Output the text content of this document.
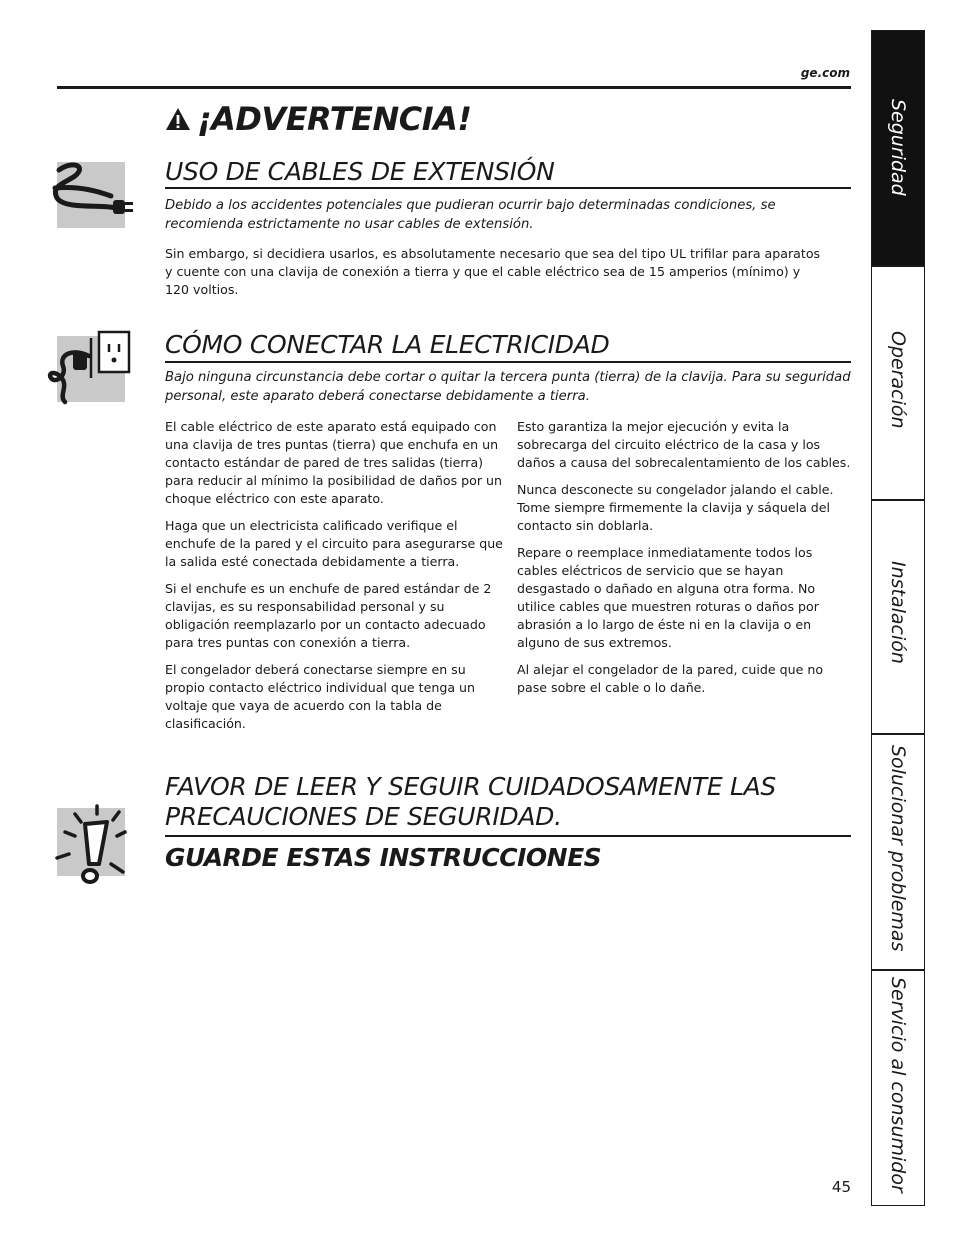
ge.com
¡ADVERTENCIA!
USO DE CABLES DE EXTENSIÓN
Debido a los accidentes potenciales que pudieran ocurrir bajo determinadas condiciones, se recomienda estrictamente no usar cables de extensión.

Sin embargo, si decidiera usarlos, es absolutamente necesario que sea del tipo UL trifilar para aparatos y cuente con una clavija de conexión a tierra y que el cable eléctrico sea de 15 amperios (mínimo) y 120 voltios.

CÓMO CONECTAR LA ELECTRICIDAD
Bajo ninguna circunstancia debe cortar o quitar la tercera punta (tierra) de la clavija. Para su seguridad personal, este aparato deberá conectarse debidamente a tierra.

El cable eléctrico de este aparato está equipado con una clavija de tres puntas (tierra) que enchufa en un contacto estándar de pared de tres salidas (tierra) para reducir al mínimo la posibilidad de daños por un choque eléctrico con este aparato.

Haga que un electricista calificado verifique el enchufe de la pared y el circuito para asegurarse que la salida esté conectada debidamente a tierra.

Si el enchufe es un enchufe de pared estándar de 2 clavijas, es su responsabilidad personal y su obligación reemplazarlo por un contacto adecuado para tres puntas con conexión a tierra.

El congelador deberá conectarse siempre en su propio contacto eléctrico individual que tenga un voltaje que vaya de acuerdo con la tabla de clasificación.

Esto garantiza la mejor ejecución y evita la sobrecarga del circuito eléctrico de la casa y los daños a causa del sobrecalentamiento de los cables.

Nunca desconecte su congelador jalando el cable. Tome siempre firmemente la clavija y sáquela del contacto sin doblarla.

Repare o reemplace inmediatamente todos los cables eléctricos de servicio que se hayan desgastado o dañado en alguna otra forma. No utilice cables que muestren roturas o daños por abrasión a lo largo de éste ni en la clavija o en alguno de sus extremos.

Al alejar el congelador de la pared, cuide que no pase sobre el cable o lo dañe.

FAVOR DE LEER Y SEGUIR CUIDADOSAMENTE LAS
PRECAUCIONES DE SEGURIDAD.
GUARDE ESTAS INSTRUCCIONES
Seguridad
Operación
Instalación
Solucionar problemas
Servicio al consumidor
45
